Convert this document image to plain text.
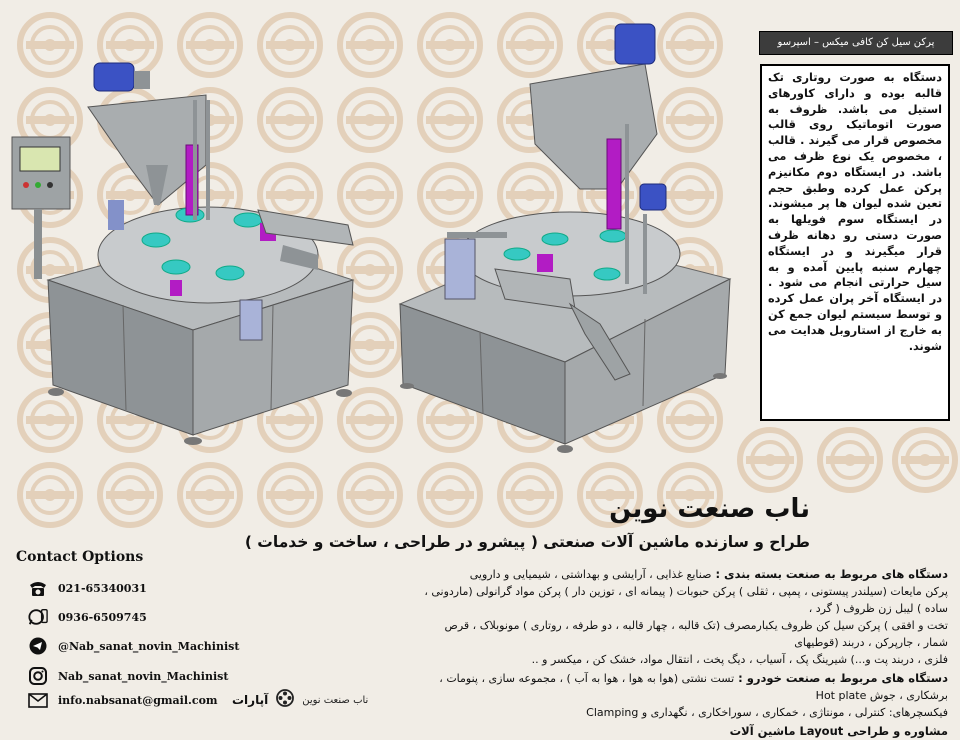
پرکن سیل کن کافی میکس – اسپرسو
دستگاه به صورت روتاری تک قالبه بوده و دارای کاورهای استیل می باشد. ظروف به صورت اتوماتیک روی قالب مخصوص قرار می گیرند . قالب ، مخصوص یک نوع ظرف می باشد. در ایستگاه دوم مکانیزم پرکن عمل کرده وطبق حجم تعین شده لیوان ها پر میشوند. در ایستگاه سوم فویلها به صورت دستی رو دهانه ظرف قرار میگیرند و در ایستگاه چهارم سنبه پایین آمده و به سیل حرارتی انجام می شود . در ایستگاه آخر پران عمل کرده و توسط سیستم لیوان جمع کن به خارج از استاروبل هدایت می شوند.
ناب صنعت نوین
طراح و سازنده ماشین آلات صنعتی ( پیشرو در طراحی ، ساخت و خدمات )
Contact Options
021-65340031
0936-6509745
@Nab_sanat_novin_Machinist
Nab_sanat_novin_Machinist
info.nabsanat@gmail.com
دستگاه های مربوط به صنعت بسته بندی : صنایع غذایی ، آرایشی و بهداشتی ، شیمیایی و دارویی
پرکن مایعات (سیلندر پیستونی ، پمپی ، ثقلی ) پرکن حبوبات ( پیمانه ای ، توزین دار ) پرکن مواد گرانولی (ماردونی ، ساده ) لیبل زن ظروف ( گرد ،
تخت و افقی ) پرکن سیل کن ظروف یکبارمصرف (تک قالبه ، چهار قالبه ، دو طرفه ، روتاری ) مونوبلاک ، قرص شمار ، جارپرکن ، دربند (قوطیهای
فلزی ، دربند پت و...) شیرینگ پک ، آسیاب ، دیگ پخت ، انتقال مواد، خشک کن ، میکسر و ..
دستگاه های مربوط به صنعت خودرو : تست نشتی (هوا به هوا ، هوا به آب ) ، مجموعه سازی ، پنومات ، برشکاری ، جوش Hot plate
فیکسچرهای: کنترلی ، مونتاژی ، خمکاری ، سوراخکاری ، نگهداری و Clamping
مشاوره و طراحی Layout ماشین آلات
ناب صنعت نوین
آپارات
